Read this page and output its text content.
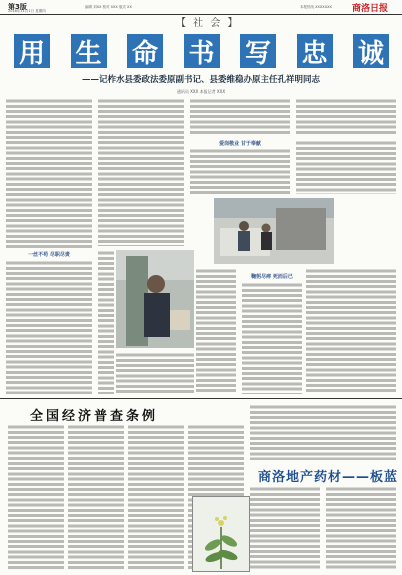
第3版
2018年11月1日 星期四
编辑 刘XX 校对 XXX 版式 XX	本报热线 XXXXXXX 商洛日报
【 社 会 】
用 生 命 书 写 忠 诚
——记柞水县委政法委原副书记、县委维稳办原主任孔祥明同志
通讯员 XXX 本报记者 XXX
爱岗敬业 甘于奉献
一丝不苟 尽职尽责
鞠躬尽瘁 死而后已
全国经济普查条例
商洛地产药材——板蓝
